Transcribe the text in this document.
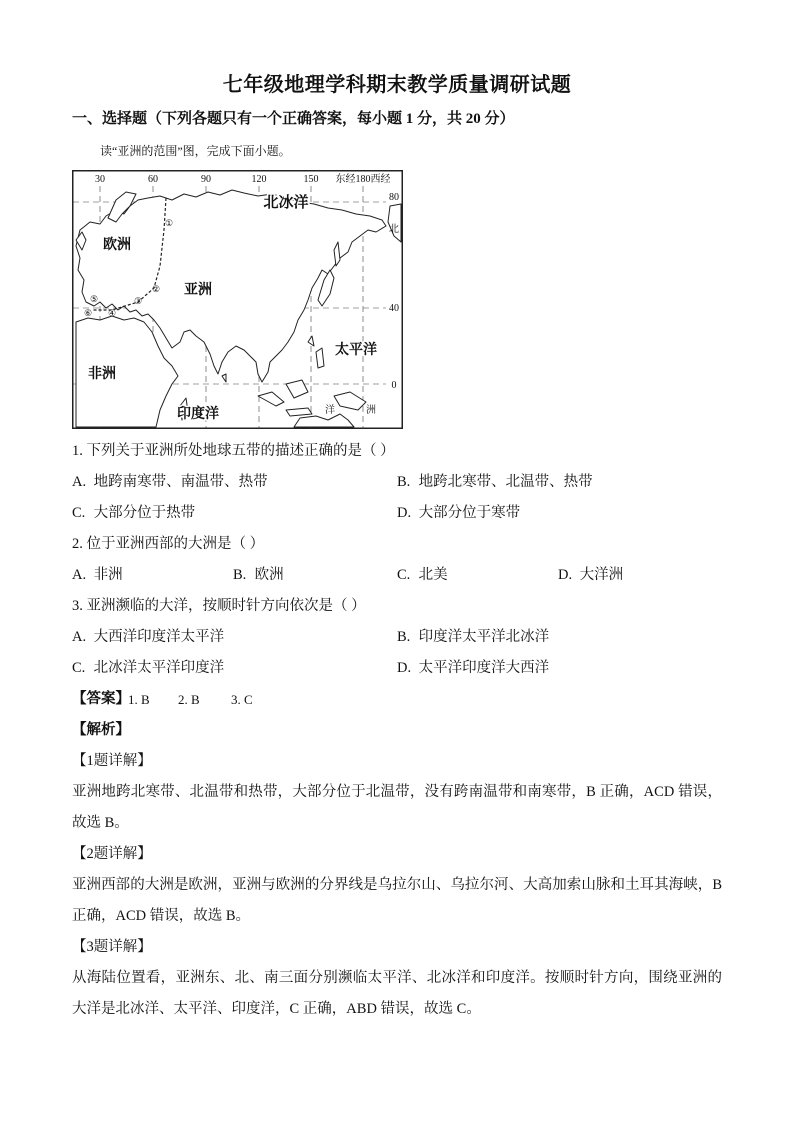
七年级地理学科期末教学质量调研试题
一、选择题（下列各题只有一个正确答案，每小题 1 分，共 20 分）
读“亚洲的范围”图，完成下面小题。
30	60	90	120	150 东经180西经
80
40
0
北冰洋
欧洲
亚洲
非洲
太平洋
印度洋
北
洋	洲
①
②
③
④
⑤
⑥
1. 下列关于亚洲所处地球五带的描述正确的是（ ）
A. 地跨南寒带、南温带、热带	B. 地跨北寒带、北温带、热带
C. 大部分位于热带	D. 大部分位于寒带
2. 位于亚洲西部的大洲是（ ）
A. 非洲	B. 欧洲	C. 北美	D. 大洋洲
3. 亚洲濒临的大洋，按顺时针方向依次是（ ）
A. 大西洋印度洋太平洋	B. 印度洋太平洋北冰洋
C. 北冰洋太平洋印度洋	D. 太平洋印度洋大西洋
【答案】
1. B 2. B 3. C
【解析】
【1题详解】
亚洲地跨北寒带、北温带和热带，大部分位于北温带，没有跨南温带和南寒带，B 正确，ACD 错误，故选 B。
【2题详解】
亚洲西部的大洲是欧洲，亚洲与欧洲的分界线是乌拉尔山、乌拉尔河、大高加索山脉和土耳其海峡，B 正确，ACD 错误，故选 B。
【3题详解】
从海陆位置看，亚洲东、北、南三面分别濒临太平洋、北冰洋和印度洋。按顺时针方向，围绕亚洲的大洋是北冰洋、太平洋、印度洋，C 正确，ABD 错误，故选 C。
